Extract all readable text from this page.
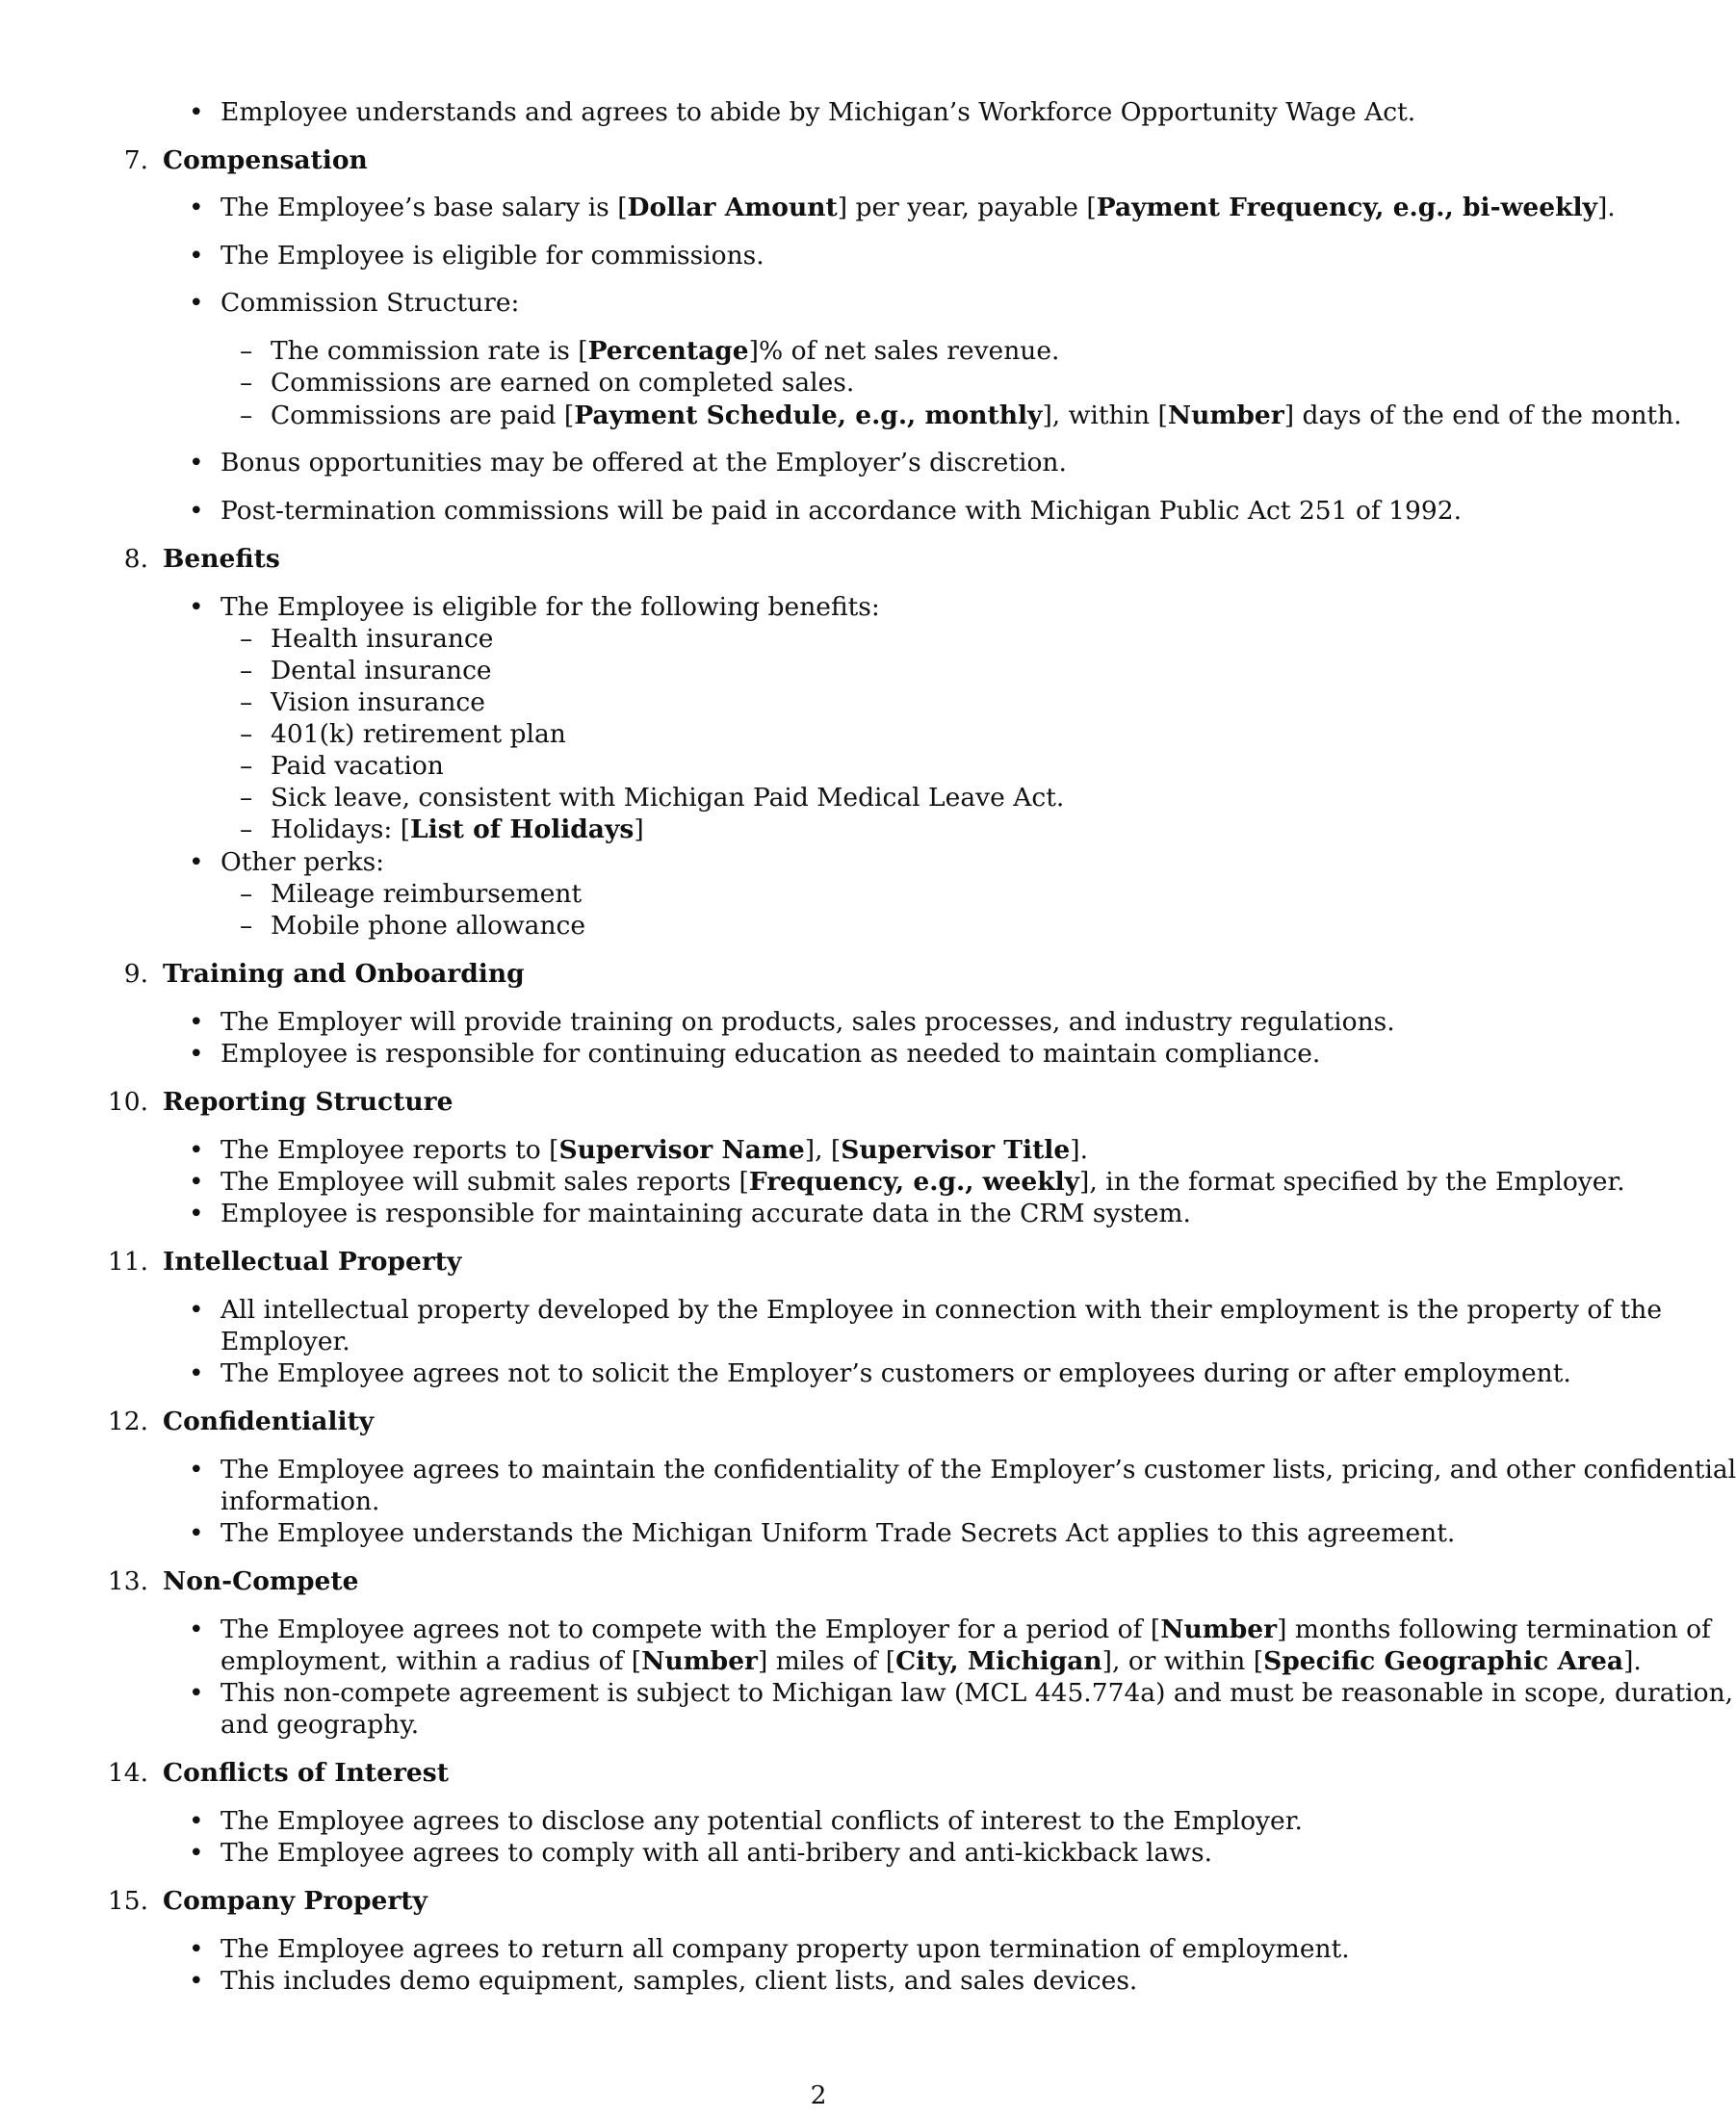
• Employee understands and agrees to abide by Michigan’s Workforce Opportunity Wage Act.
7. Compensation
• The Employee’s base salary is [Dollar Amount] per year, payable [Payment Frequency, e.g., bi-weekly].
• The Employee is eligible for commissions.
• Commission Structure:
– The commission rate is [Percentage]% of net sales revenue.
– Commissions are earned on completed sales.
– Commissions are paid [Payment Schedule, e.g., monthly], within [Number] days of the end of the month.
• Bonus opportunities may be offered at the Employer’s discretion.
• Post-termination commissions will be paid in accordance with Michigan Public Act 251 of 1992.
8. Benefits
• The Employee is eligible for the following benefits:
– Health insurance
– Dental insurance
– Vision insurance
– 401(k) retirement plan
– Paid vacation
– Sick leave, consistent with Michigan Paid Medical Leave Act.
– Holidays: [List of Holidays]
• Other perks:
– Mileage reimbursement
– Mobile phone allowance
9. Training and Onboarding
• The Employer will provide training on products, sales processes, and industry regulations.
• Employee is responsible for continuing education as needed to maintain compliance.
10. Reporting Structure
• The Employee reports to [Supervisor Name], [Supervisor Title].
• The Employee will submit sales reports [Frequency, e.g., weekly], in the format specified by the Employer.
• Employee is responsible for maintaining accurate data in the CRM system.
11. Intellectual Property
• All intellectual property developed by the Employee in connection with their employment is the property of the
Employer.
• The Employee agrees not to solicit the Employer’s customers or employees during or after employment.
12. Confidentiality
• The Employee agrees to maintain the confidentiality of the Employer’s customer lists, pricing, and other confidential
information.
• The Employee understands the Michigan Uniform Trade Secrets Act applies to this agreement.
13. Non-Compete
• The Employee agrees not to compete with the Employer for a period of [Number] months following termination of
employment, within a radius of [Number] miles of [City, Michigan], or within [Specific Geographic Area].
• This non-compete agreement is subject to Michigan law (MCL 445.774a) and must be reasonable in scope, duration,
and geography.
14. Conflicts of Interest
• The Employee agrees to disclose any potential conflicts of interest to the Employer.
• The Employee agrees to comply with all anti-bribery and anti-kickback laws.
15. Company Property
• The Employee agrees to return all company property upon termination of employment.
• This includes demo equipment, samples, client lists, and sales devices.
2
